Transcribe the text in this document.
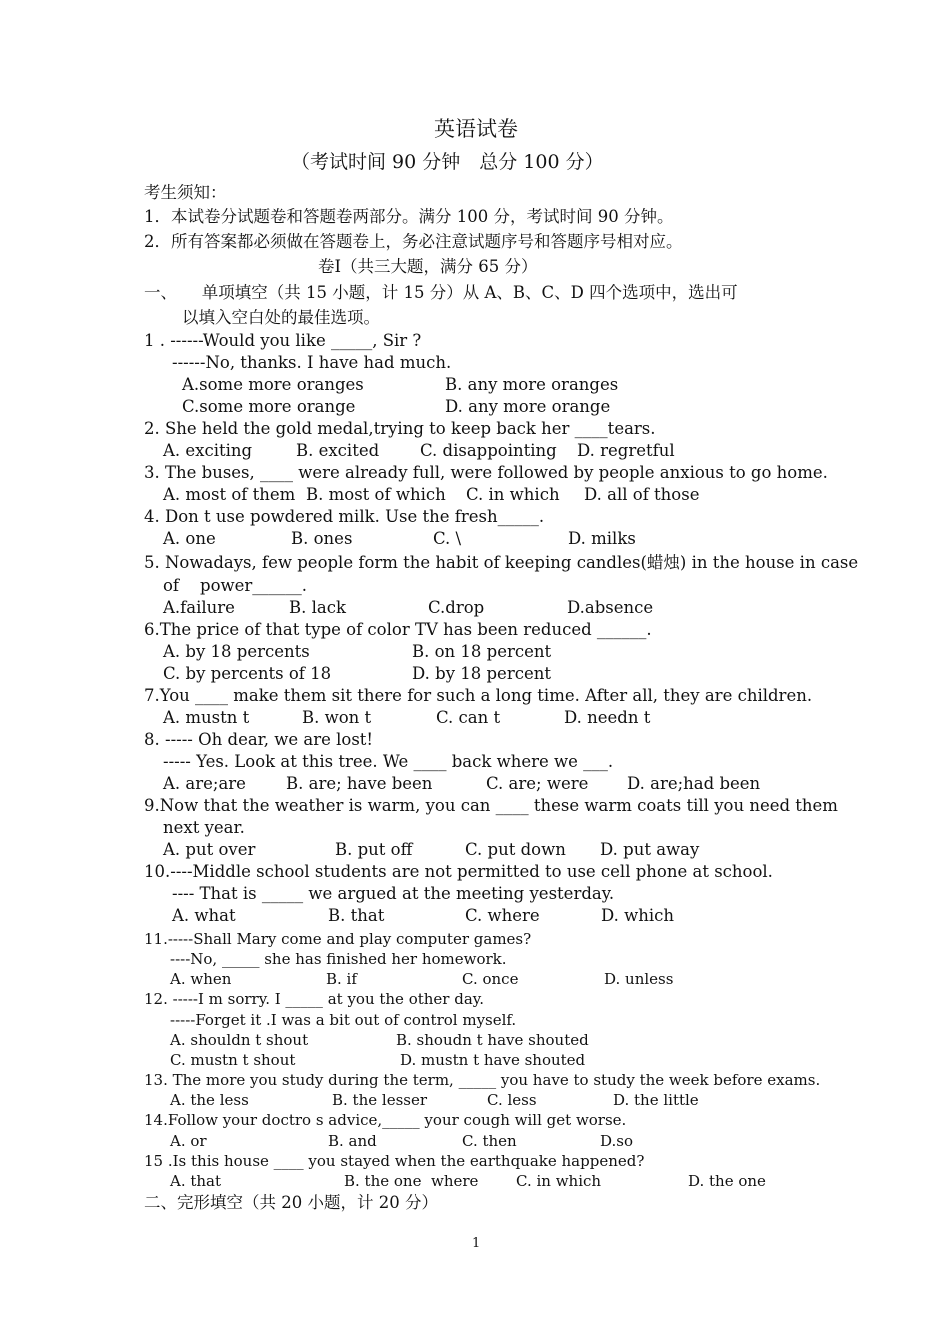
英语试卷
（考试时间 90 分钟　总分 100 分）
考生须知：
1．本试卷分试题卷和答题卷两部分。满分 100 分，考试时间 90 分钟。
2．所有答案都必须做在答题卷上，务必注意试题序号和答题序号相对应。
卷Ⅰ（共三大题，满分 65 分）
一、　　单项填空（共 15 小题，计 15 分）从 A、B、C、D 四个选项中，选出可
以填入空白处的最佳选项。
1 . ------Would you like _____, Sir ?
------No, thanks. I have had much.
A.some more oranges	B. any more oranges
C.some more orange	D. any more orange
2. She held the gold medal,trying to keep back her ____tears.
A. exciting	B. excited C. disappointing D. regretful
3. The buses, ____ were already full, were followed by people anxious to go home.
A. most of them B. most of which C. in which D. all of those
4. Don t use powdered milk. Use the fresh_____.
A. one	B. ones	C. \	D. milks
5. Nowadays, few people form the habit of keeping candles(蜡烛) in the house in case
of    power______.
A.failure	B. lack	C.drop	D.absence
6.The price of that type of color TV has been reduced ______.
A. by 18 percents	B. on 18 percent
C. by percents of 18	D. by 18 percent
7.You ____ make them sit there for such a long time. After all, they are children.
A. mustn t	B. won t	C. can t	D. needn t
8. ----- Oh dear, we are lost!
----- Yes. Look at this tree. We ____ back where we ___.
A. are;are B. are; have been	C. are; were D. are;had been
9.Now that the weather is warm, you can ____ these warm coats till you need them
next year.
A. put over	B. put off	C. put down D. put away
10.----Middle school students are not permitted to use cell phone at school.
---- That is _____ we argued at the meeting yesterday.
A. what	B. that	C. where	D. which
11.-----Shall Mary come and play computer games?
----No, _____ she has finished her homework.
A. when	B. if	C. once	D. unless
12. -----I m sorry. I _____ at you the other day.
-----Forget it .I was a bit out of control myself.
A. shouldn t shout	B. shoudn t have shouted
C. mustn t shout	D. mustn t have shouted
13. The more you study during the term, _____ you have to study the week before exams.
A. the less	B. the lesser	C. less	D. the little
14.Follow your doctro s advice,_____ your cough will get worse.
A. or	B. and	C. then	D.so
15 .Is this house ____ you stayed when the earthquake happened?
A. that	B. the one  where	C. in which	D. the one
二、完形填空（共 20 小题，计 20 分）
1
